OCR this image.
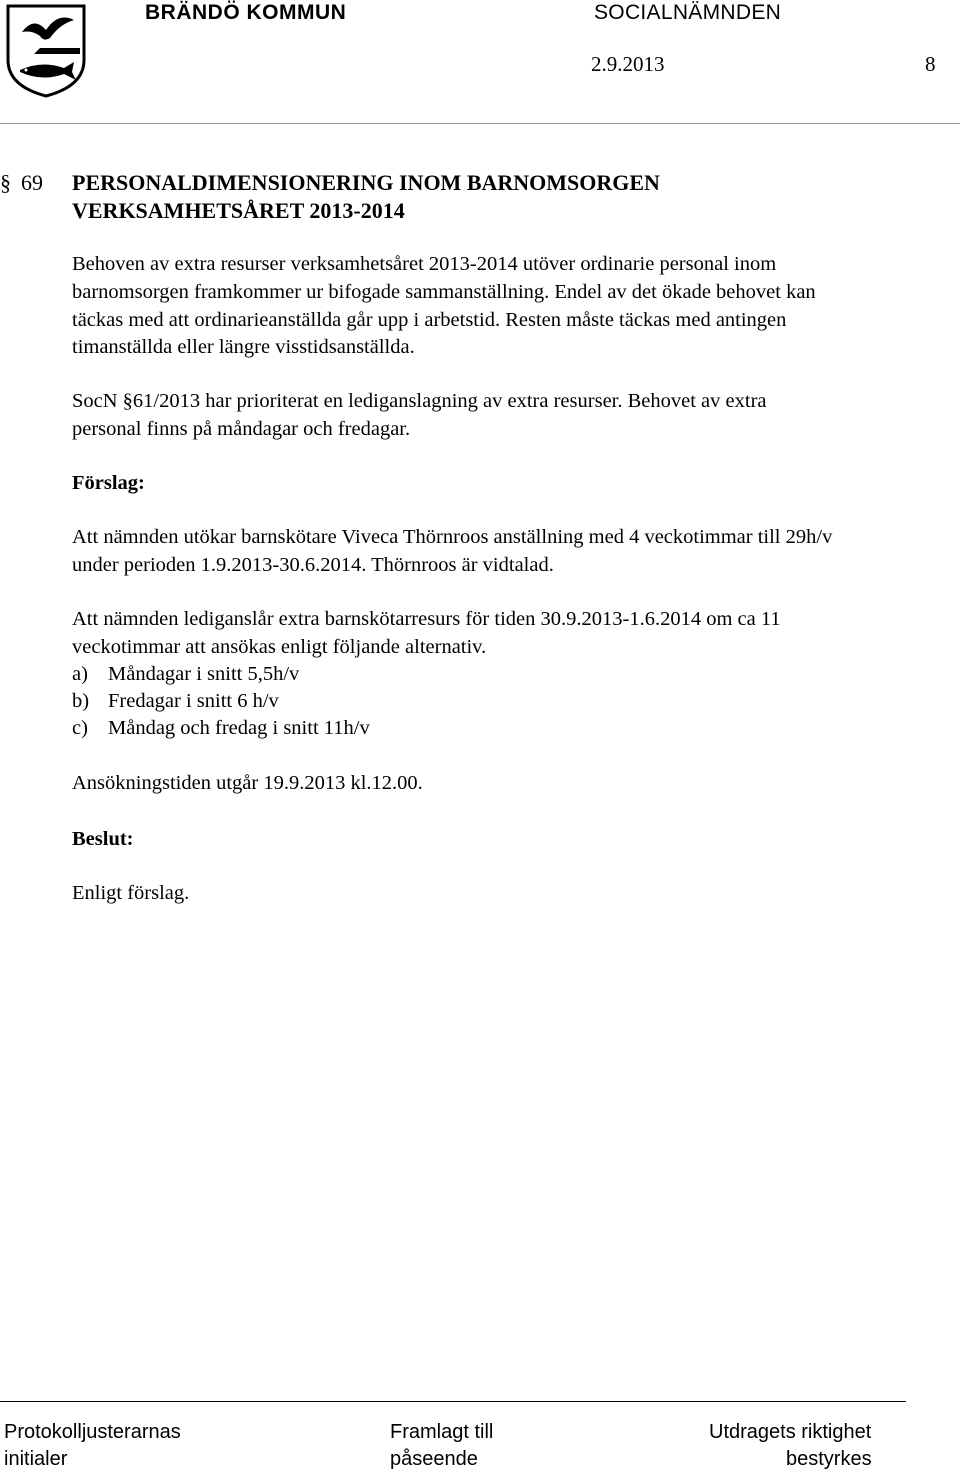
BRÄNDÖ KOMMUN	SOCIALNÄMNDEN
2.9.2013	8
§ 69 PERSONALDIMENSIONERING INOM BARNOMSORGEN
VERKSAMHETSÅRET 2013-2014
Behoven av extra resurser verksamhetsåret 2013-2014 utöver ordinarie personal inom
barnomsorgen framkommer ur bifogade sammanställning. Endel av det ökade behovet kan
täckas med att ordinarieanställda går upp i arbetstid. Resten måste täckas med antingen
timanställda eller längre visstidsanställda.
SocN §61/2013 har prioriterat en lediganslagning av extra resurser. Behovet av extra
personal finns på måndagar och fredagar.
Förslag:
Att nämnden utökar barnskötare Viveca Thörnroos anställning med 4 veckotimmar till 29h/v
under perioden 1.9.2013-30.6.2014. Thörnroos är vidtalad.
Att nämnden lediganslår extra barnskötarresurs för tiden 30.9.2013-1.6.2014 om ca 11
veckotimmar att ansökas enligt följande alternativ.
a) Måndagar i snitt 5,5h/v
b) Fredagar i snitt 6 h/v
c) Måndag och fredag i snitt 11h/v
Ansökningstiden utgår 19.9.2013 kl.12.00.
Beslut:
Enligt förslag.
Protokolljusterarnas
initialer
Framlagt till
påseende
Utdragets riktighet
bestyrkes
